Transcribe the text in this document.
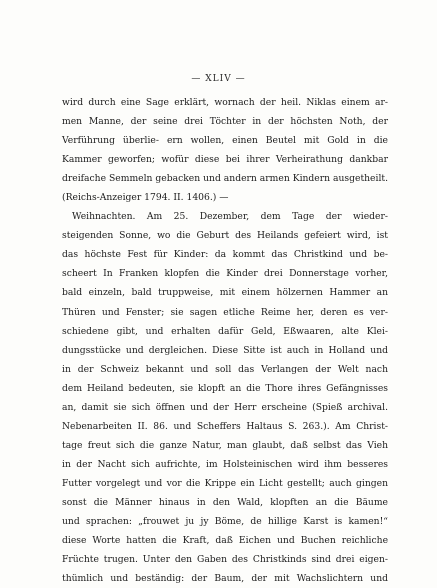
— XLIV —
wird durch eine Sage erklärt, wornach der heil. Niklas einem ar-
men Manne, der seine drei Töchter in der höchsten Noth, der
Verführung überlie- ern wollen, einen Beutel mit Gold in die
Kammer geworfen; wofür diese bei ihrer Verheirathung dankbar
dreifache Semmeln gebacken und andern armen Kindern ausgetheilt.
(Reichs-Anzeiger 1794. II. 1406.) —
Weihnachten. Am 25. Dezember, dem Tage der wieder-
steigenden Sonne, wo die Geburt des Heilands gefeiert wird, ist
das höchste Fest für Kinder: da kommt das Christkind und be-
scheert In Franken klopfen die Kinder drei Donnerstage vorher,
bald einzeln, bald truppweise, mit einem hölzernen Hammer an
Thüren und Fenster; sie sagen etliche Reime her, deren es ver-
schiedene gibt, und erhalten dafür Geld, Eßwaaren, alte Klei-
dungsstücke und dergleichen. Diese Sitte ist auch in Holland und
in der Schweiz bekannt und soll das Verlangen der Welt nach
dem Heiland bedeuten, sie klopft an die Thore ihres Gefängnisses
an, damit sie sich öffnen und der Herr erscheine (Spieß archival.
Nebenarbeiten II. 86. und Scheffers Haltaus S. 263.). Am Christ-
tage freut sich die ganze Natur, man glaubt, daß selbst das Vieh
in der Nacht sich aufrichte, im Holsteinischen wird ihm besseres
Futter vorgelegt und vor die Krippe ein Licht gestellt; auch gingen
sonst die Männer hinaus in den Wald, klopften an die Bäume
und sprachen: „frouwet ju jy Böme, de hillige Karst is kamen!“
diese Worte hatten die Kraft, daß Eichen und Buchen reichliche
Früchte trugen. Unter den Gaben des Christkinds sind drei eigen-
thümlich und beständig: der Baum, der mit Wachslichtern und
